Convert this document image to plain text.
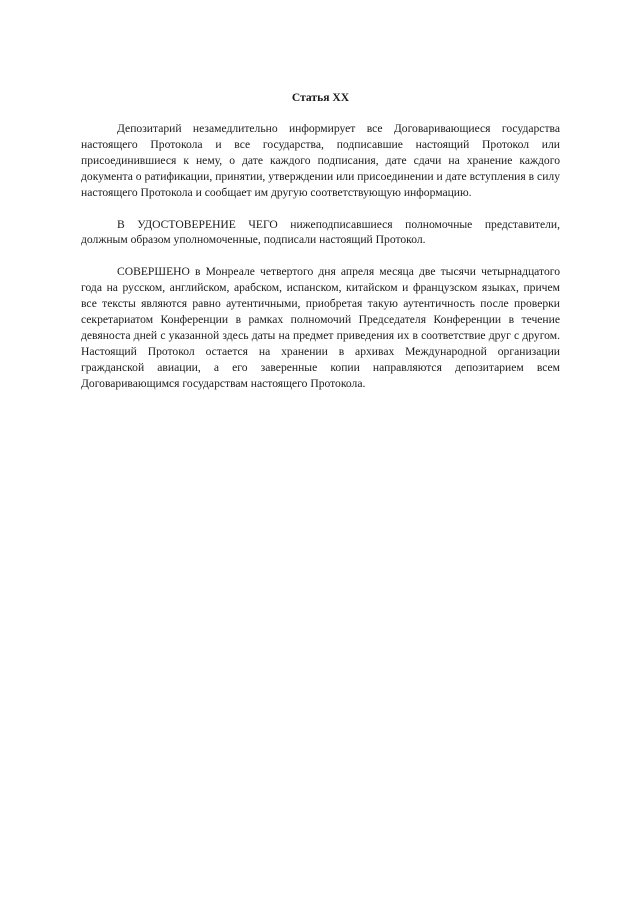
Статья XX

Депозитарий незамедлительно информирует все Договаривающиеся государства настоящего Протокола и все государства, подписавшие настоящий Протокол или присоединившиеся к нему, о дате каждого подписания, дате сдачи на хранение каждого документа о ратификации, принятии, утверждении или присоединении и дате вступления в силу настоящего Протокола и сообщает им другую соответствующую информацию.

В УДОСТОВЕРЕНИЕ ЧЕГО нижеподписавшиеся полномочные представители, должным образом уполномоченные, подписали настоящий Протокол.

СОВЕРШЕНО в Монреале четвертого дня апреля месяца две тысячи четырнадцатого года на русском, английском, арабском, испанском, китайском и французском языках, причем все тексты являются равно аутентичными, приобретая такую аутентичность после проверки секретариатом Конференции в рамках полномочий Председателя Конференции в течение девяноста дней с указанной здесь даты на предмет приведения их в соответствие друг с другом. Настоящий Протокол остается на хранении в архивах Международной организации гражданской авиации, а его заверенные копии направляются депозитарием всем Договаривающимся государствам настоящего Протокола.
